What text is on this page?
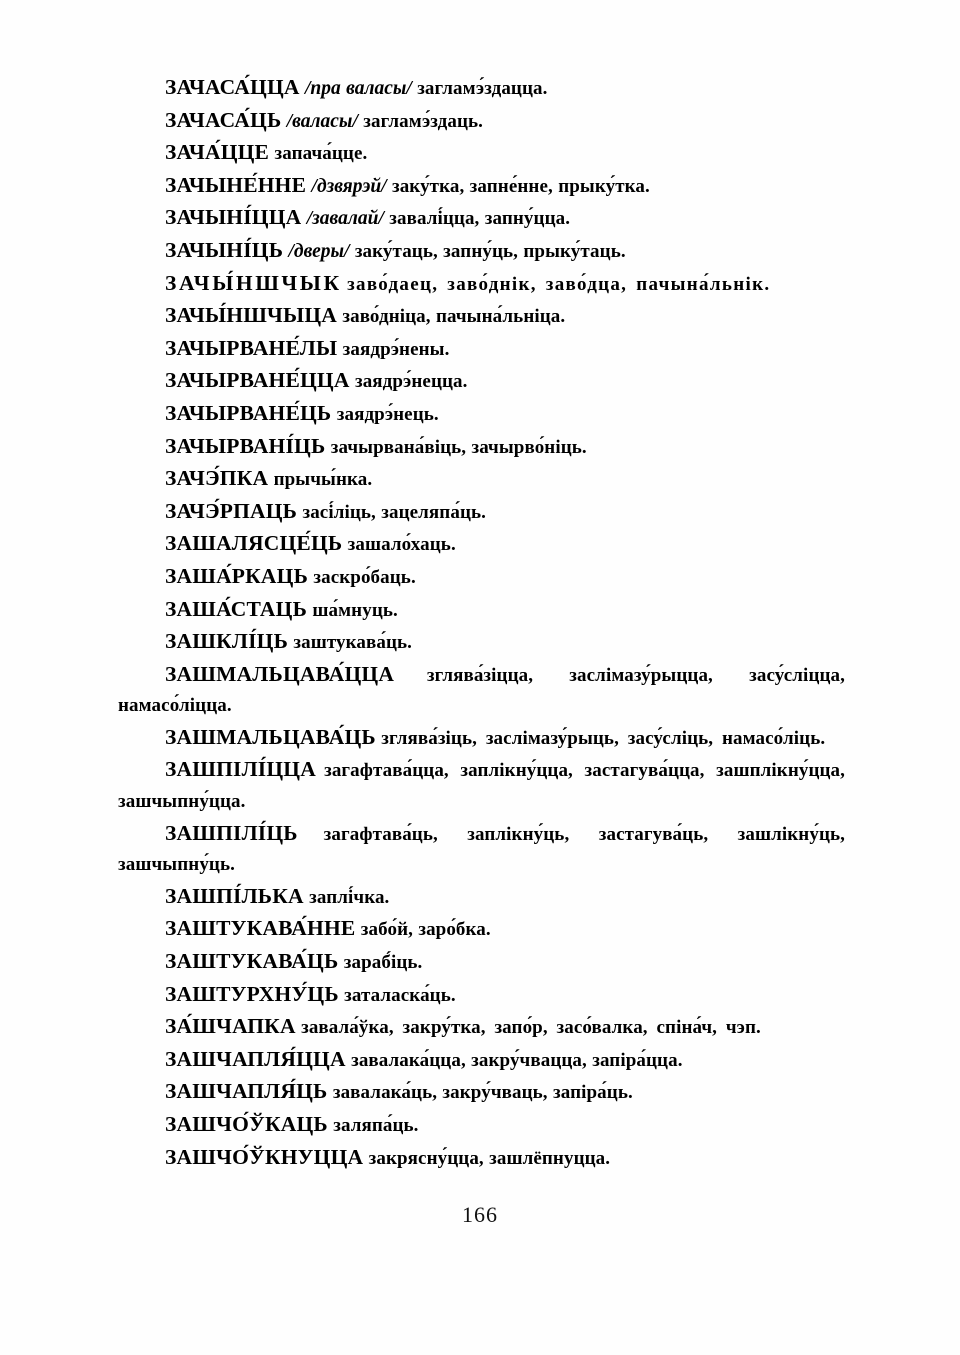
ЗАЧАСА́ЦЦА /пра валасы/ загламэ́здацца.

ЗАЧАСА́ЦЬ /валасы/ загламэ́здаць.

ЗАЧА́ЦЦЕ запача́цце.

ЗАЧЫНЕ́ННЕ /дзвярэй/ заку́тка, запне́нне, прыку́тка.

ЗАЧЫНІ́ЦЦА /завалай/ завалі́цца, запну́цца.

ЗАЧЫНІ́ЦЬ /дверы/ заку́таць, запну́ць, прыку́таць.

ЗАЧЫ́НШЧЫК заво́даец, заво́днік, заво́дца, пачына́льнік.

ЗАЧЫ́НШЧЫЦА заво́дніца, пачына́льніца.

ЗАЧЫРВАНЕ́ЛЫ заядрэ́нены.

ЗАЧЫРВАНЕ́ЦЦА заядрэ́нецца.

ЗАЧЫРВАНЕ́ЦЬ заядрэ́нець.

ЗАЧЫРВАНІ́ЦЬ зачырвана́віць, зачырво́ніць.

ЗАЧЭ́ПКА прычы́нка.

ЗАЧЭ́РПАЦЬ засі́ліць, зацеляпа́ць.

ЗАШАЛЯСЦЕ́ЦЬ зашало́хаць.

ЗАША́РКАЦЬ заскро́баць.

ЗАША́СТАЦЬ ша́мнуць.

ЗАШКЛІ́ЦЬ заштукава́ць.

ЗАШМАЛЬЦАВА́ЦЦА зглява́зіцца, заслімазу́рыцца, засу́сліцца, намасо́ліцца.

ЗАШМАЛЬЦАВА́ЦЬ зглява́зіць, заслімазу́рыць, засу́сліць, намасо́ліць.

ЗАШПІЛІ́ЦЦА загафтава́цца, заплікну́цца, застагува́цца, зашплікну́цца, зашчыпну́цца.

ЗАШПІЛІ́ЦЬ загафтава́ць, заплікну́ць, застагува́ць, зашлікну́ць, зашчыпну́ць.

ЗАШПІ́ЛЬКА заплі́чка.

ЗАШТУКАВА́ННЕ забо́й, заро́бка.

ЗАШТУКАВА́ЦЬ зараб́іць.

ЗАШТУРХНУ́ЦЬ заталаска́ць.

ЗА́ШЧАПКА завала́ўка, закру́тка, запо́р, засо́валка, спіна́ч, чэп.

ЗАШЧАПЛЯ́ЦЦА завалака́цца, закру́чвацца, запіра́цца.

ЗАШЧАПЛЯ́ЦЬ завалака́ць, закру́чваць, запіра́ць.

ЗАШЧО́ЎКАЦЬ заляпа́ць.

ЗАШЧО́ЎКНУЦЦА закрясну́цца, зашлёпнуцца.

166
